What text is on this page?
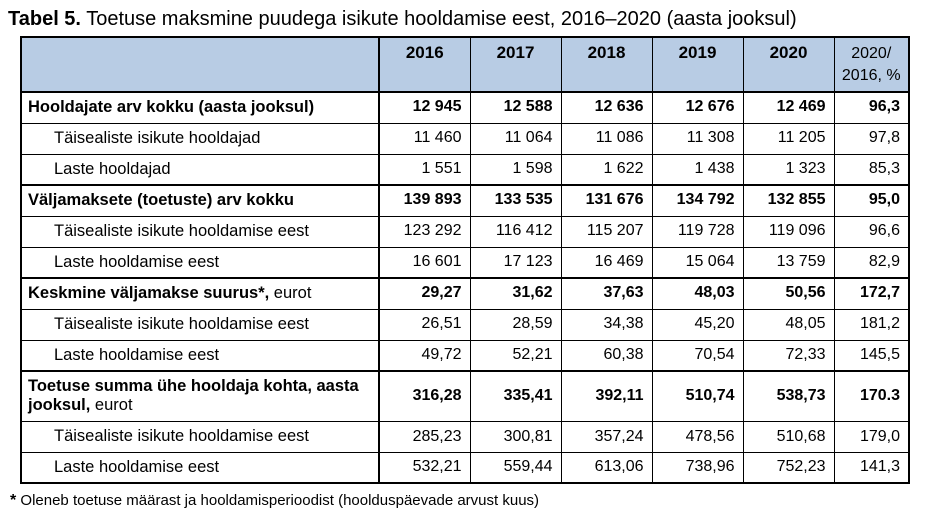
Tabel 5. Toetuse maksmine puudega isikute hooldamise eest, 2016–2020 (aasta jooksul)
	2016	2017	2018	2019	2020	2020/
2016, %

Hooldajate arv kokku (aasta jooksul)	12 945	12 588	12 636	12 676	12 469	96,3
Täisealiste isikute hooldajad	11 460	11 064	11 086	11 308	11 205	97,8
Laste hooldajad	1 551	1 598	1 622	1 438	1 323	85,3
Väljamaksete (toetuste) arv kokku	139 893	133 535	131 676	134 792	132 855	95,0
Täisealiste isikute hooldamise eest	123 292	116 412	115 207	119 728	119 096	96,6
Laste hooldamise eest	16 601	17 123	16 469	15 064	13 759	82,9
Keskmine väljamakse suurus*, eurot	29,27	31,62	37,63	48,03	50,56	172,7
Täisealiste isikute hooldamise eest	26,51	28,59	34,38	45,20	48,05	181,2
Laste hooldamise eest	49,72	52,21	60,38	70,54	72,33	145,5
Toetuse summa ühe hooldaja kohta, aasta jooksul, eurot	316,28	335,41	392,11	510,74	538,73	170.3
Täisealiste isikute hooldamise eest	285,23	300,81	357,24	478,56	510,68	179,0
Laste hooldamise eest	532,21	559,44	613,06	738,96	752,23	141,3
* Oleneb toetuse määrast ja hooldamisperioodist (hoolduspäevade arvust kuus)
